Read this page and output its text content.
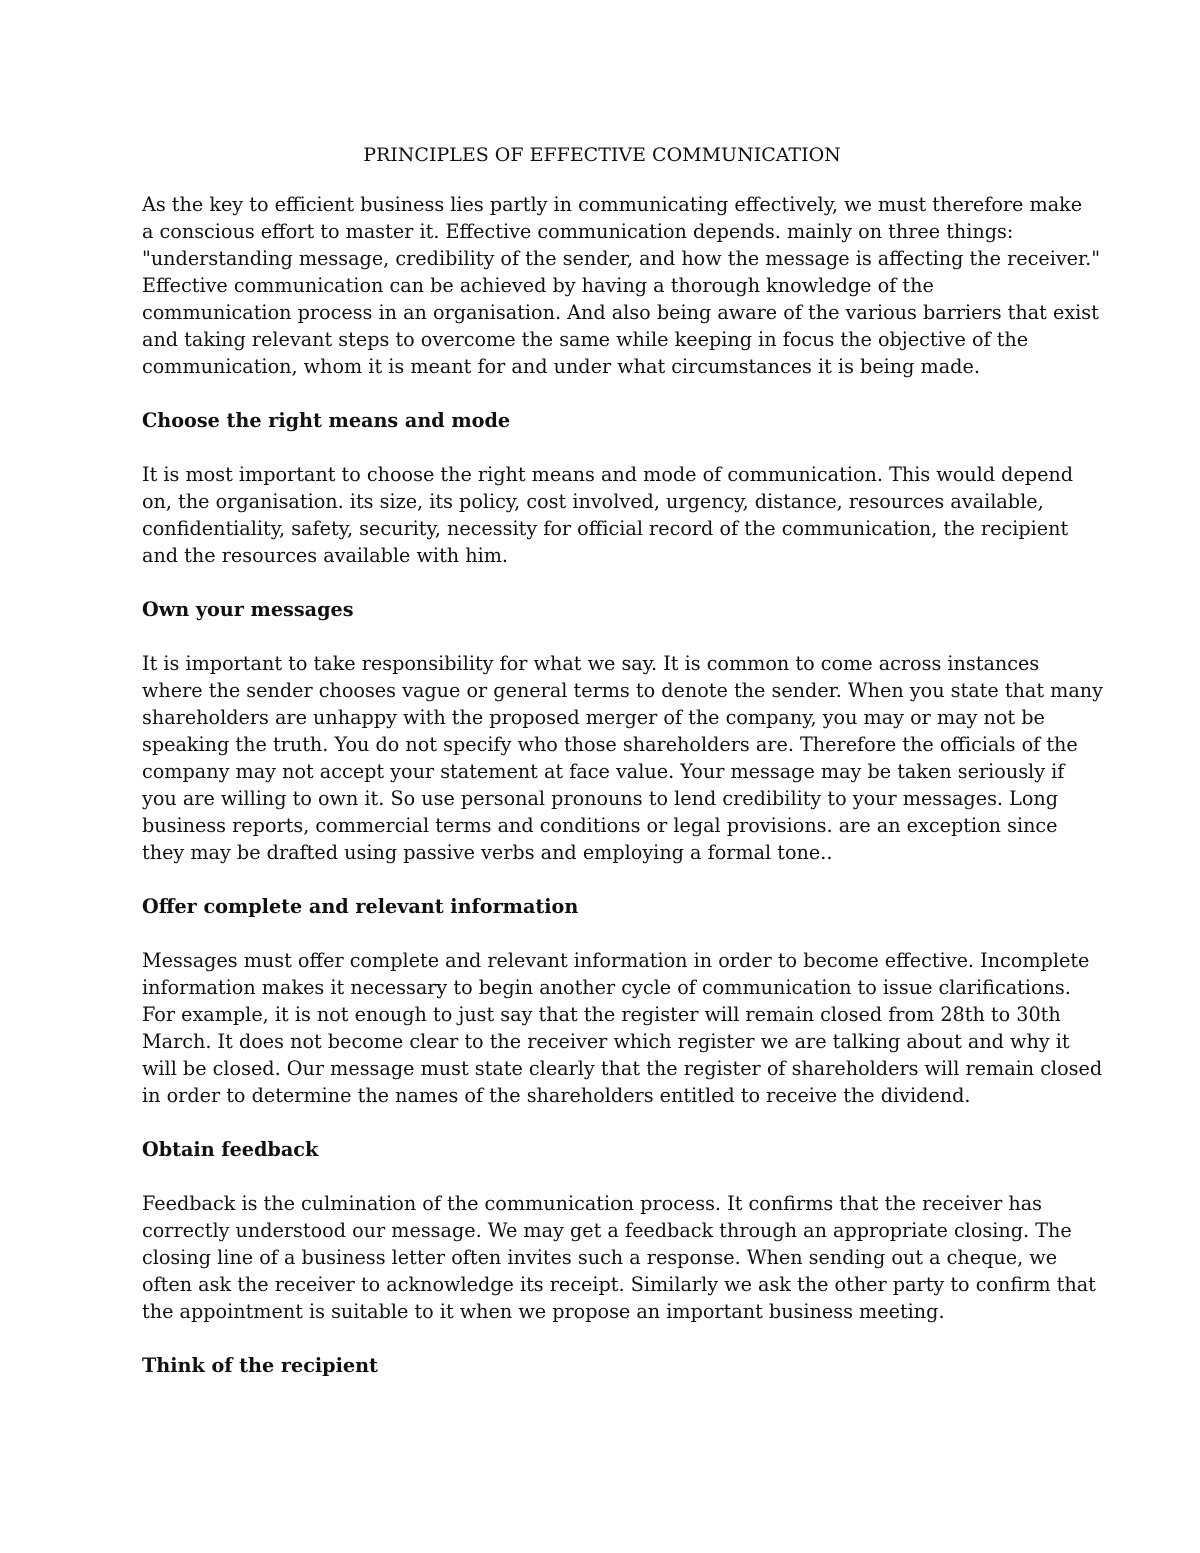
PRINCIPLES OF EFFECTIVE COMMUNICATION
As the key to efficient business lies partly in communicating effectively, we must therefore make
a conscious effort to master it. Effective communication depends. mainly on three things:
"understanding message, credibility of the sender, and how the message is affecting the receiver."
Effective communication can be achieved by having a thorough knowledge of the
communication process in an organisation. And also being aware of the various barriers that exist
and taking relevant steps to overcome the same while keeping in focus the objective of the
communication, whom it is meant for and under what circumstances it is being made.
Choose the right means and mode
It is most important to choose the right means and mode of communication. This would depend
on, the organisation. its size, its policy, cost involved, urgency, distance, resources available,
confidentiality, safety, security, necessity for official record of the communication, the recipient
and the resources available with him.
Own your messages
It is important to take responsibility for what we say. It is common to come across instances
where the sender chooses vague or general terms to denote the sender. When you state that many
shareholders are unhappy with the proposed merger of the company, you may or may not be
speaking the truth. You do not specify who those shareholders are. Therefore the officials of the
company may not accept your statement at face value. Your message may be taken seriously if
you are willing to own it. So use personal pronouns to lend credibility to your messages. Long
business reports, commercial terms and conditions or legal provisions. are an exception since
they may be drafted using passive verbs and employing a formal tone..
Offer complete and relevant information
Messages must offer complete and relevant information in order to become effective. Incomplete
information makes it necessary to begin another cycle of communication to issue clarifications.
For example, it is not enough to just say that the register will remain closed from 28th to 30th
March. It does not become clear to the receiver which register we are talking about and why it
will be closed. Our message must state clearly that the register of shareholders will remain closed
in order to determine the names of the shareholders entitled to receive the dividend.
Obtain feedback
Feedback is the culmination of the communication process. It confirms that the receiver has
correctly understood our message. We may get a feedback through an appropriate closing. The
closing line of a business letter often invites such a response. When sending out a cheque, we
often ask the receiver to acknowledge its receipt. Similarly we ask the other party to confirm that
the appointment is suitable to it when we propose an important business meeting.
Think of the recipient
